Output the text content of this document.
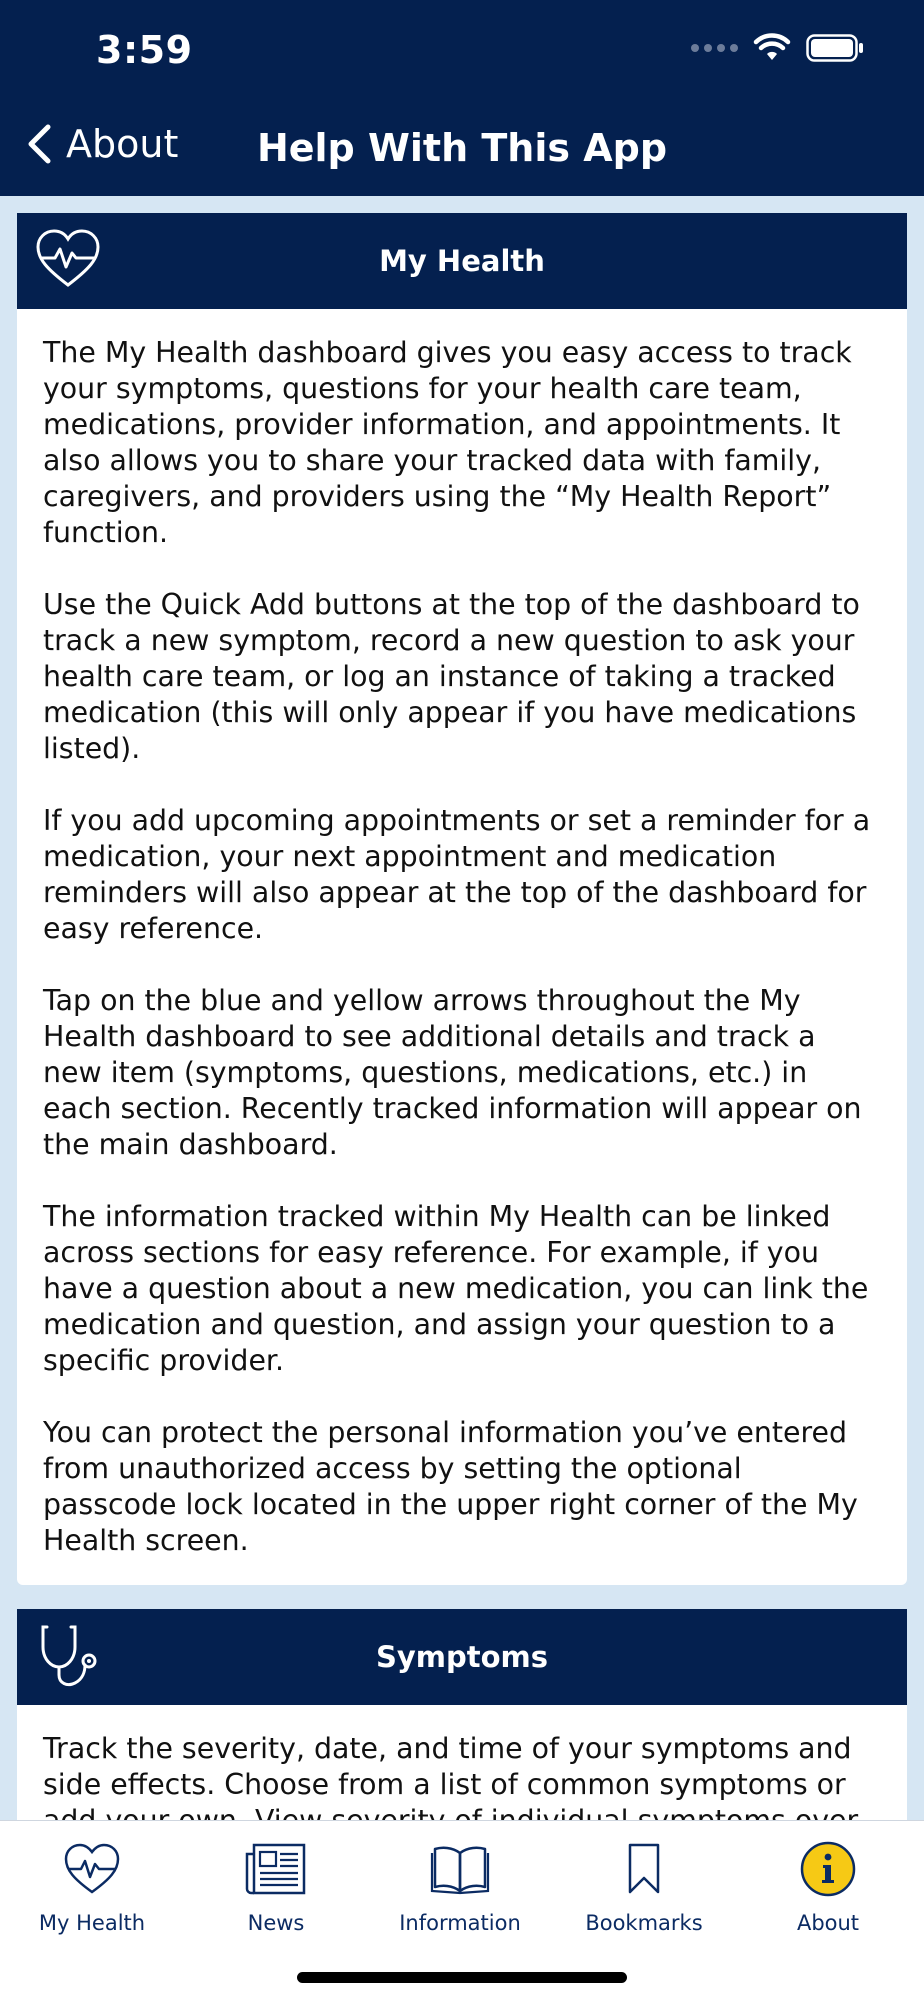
3:59
About	Help With This App
My Health

The My Health dashboard gives you easy access to track your symptoms, questions for your health care team, medications, provider information, and appointments. It also allows you to share your tracked data with family, caregivers, and providers using the “My Health Report” function.

Use the Quick Add buttons at the top of the dashboard to track a new symptom, record a new question to ask your health care team, or log an instance of taking a tracked medication (this will only appear if you have medications listed).

If you add upcoming appointments or set a reminder for a medication, your next appointment and medication reminders will also appear at the top of the dashboard for easy reference.

Tap on the blue and yellow arrows throughout the My Health dashboard to see additional details and track a new item (symptoms, questions, medications, etc.) in each section. Recently tracked information will appear on the main dashboard.

The information tracked within My Health can be linked across sections for easy reference. For example, if you have a question about a new medication, you can link the medication and question, and assign your question to a specific provider.

You can protect the personal information you’ve entered from unauthorized access by setting the optional passcode lock located in the upper right corner of the My Health screen.

Symptoms

Track the severity, date, and time of your symptoms and side effects. Choose from a list of common symptoms or

My Health	News	Information	Bookmarks	About
